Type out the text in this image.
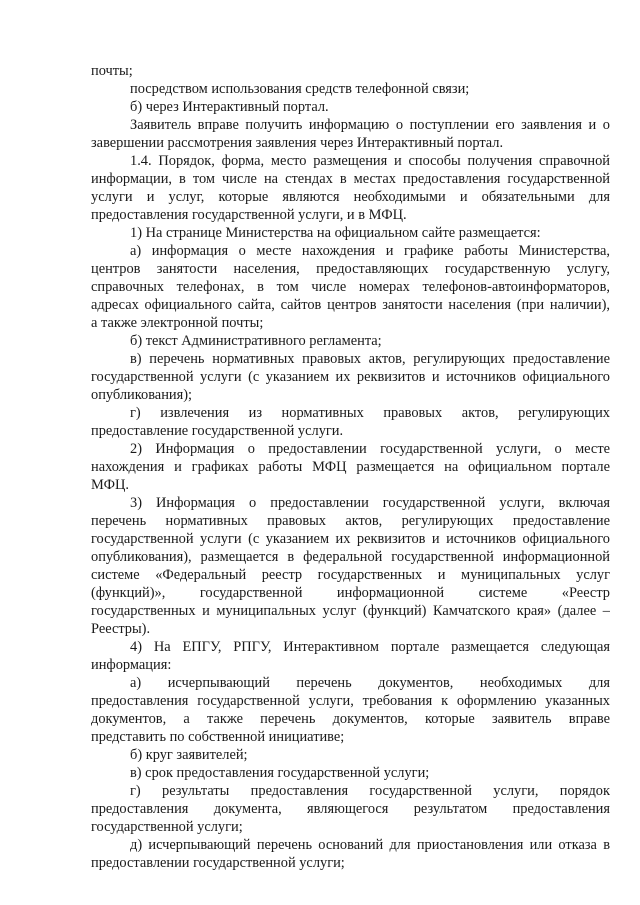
почты;
посредством использования средств телефонной связи;
б) через Интерактивный портал.
Заявитель вправе получить информацию о поступлении его заявления и о
завершении рассмотрения заявления через Интерактивный портал.
1.4. Порядок, форма, место размещения и способы получения справочной
информации, в том числе на стендах в местах предоставления государственной
услуги и услуг, которые являются необходимыми и обязательными для
предоставления государственной услуги, и в МФЦ.
1) На странице Министерства на официальном сайте размещается:
а) информация о месте нахождения и графике работы Министерства,
центров занятости населения, предоставляющих государственную услугу,
справочных телефонах, в том числе номерах телефонов-автоинформаторов,
адресах официального сайта, сайтов центров занятости населения (при наличии),
а также электронной почты;
б) текст Административного регламента;
в) перечень нормативных правовых актов, регулирующих предоставление
государственной услуги (с указанием их реквизитов и источников официального
опубликования);
г) извлечения из нормативных правовых актов, регулирующих
предоставление государственной услуги.
2) Информация о предоставлении государственной услуги, о месте
нахождения и графиках работы МФЦ размещается на официальном портале
МФЦ.
3) Информация о предоставлении государственной услуги, включая
перечень нормативных правовых актов, регулирующих предоставление
государственной услуги (с указанием их реквизитов и источников официального
опубликования), размещается в федеральной государственной информационной
системе «Федеральный реестр государственных и муниципальных услуг
(функций)», государственной информационной системе «Реестр
государственных и муниципальных услуг (функций) Камчатского края» (далее –
Реестры).
4) На ЕПГУ, РПГУ, Интерактивном портале размещается следующая
информация:
а) исчерпывающий перечень документов, необходимых для
предоставления государственной услуги, требования к оформлению указанных
документов, а также перечень документов, которые заявитель вправе
представить по собственной инициативе;
б) круг заявителей;
в) срок предоставления государственной услуги;
г) результаты предоставления государственной услуги, порядок
предоставления документа, являющегося результатом предоставления
государственной услуги;
д) исчерпывающий перечень оснований для приостановления или отказа в
предоставлении государственной услуги;
